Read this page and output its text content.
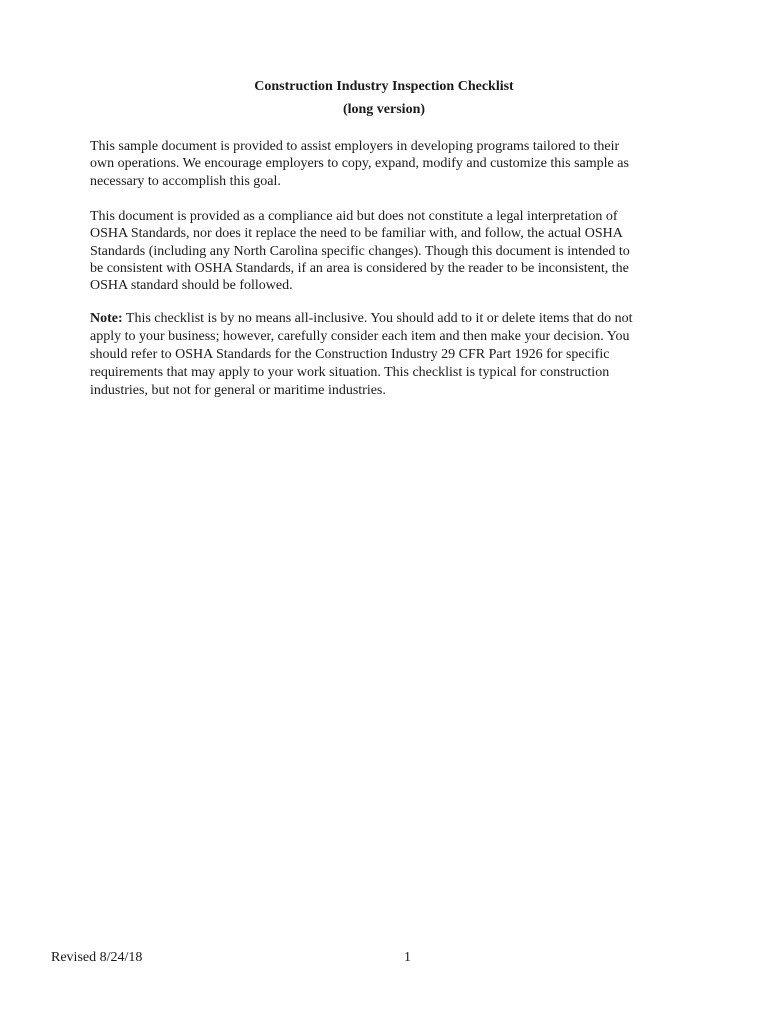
Construction Industry Inspection Checklist

(long version)

This sample document is provided to assist employers in developing programs tailored to their
own operations. We encourage employers to copy, expand, modify and customize this sample as
necessary to accomplish this goal.

This document is provided as a compliance aid but does not constitute a legal interpretation of
OSHA Standards, nor does it replace the need to be familiar with, and follow, the actual OSHA
Standards (including any North Carolina specific changes). Though this document is intended to
be consistent with OSHA Standards, if an area is considered by the reader to be inconsistent, the
OSHA standard should be followed.

Note: This checklist is by no means all-inclusive. You should add to it or delete items that do not
apply to your business; however, carefully consider each item and then make your decision. You
should refer to OSHA Standards for the Construction Industry 29 CFR Part 1926 for specific
requirements that may apply to your work situation. This checklist is typical for construction
industries, but not for general or maritime industries.

Revised 8/24/18	1
